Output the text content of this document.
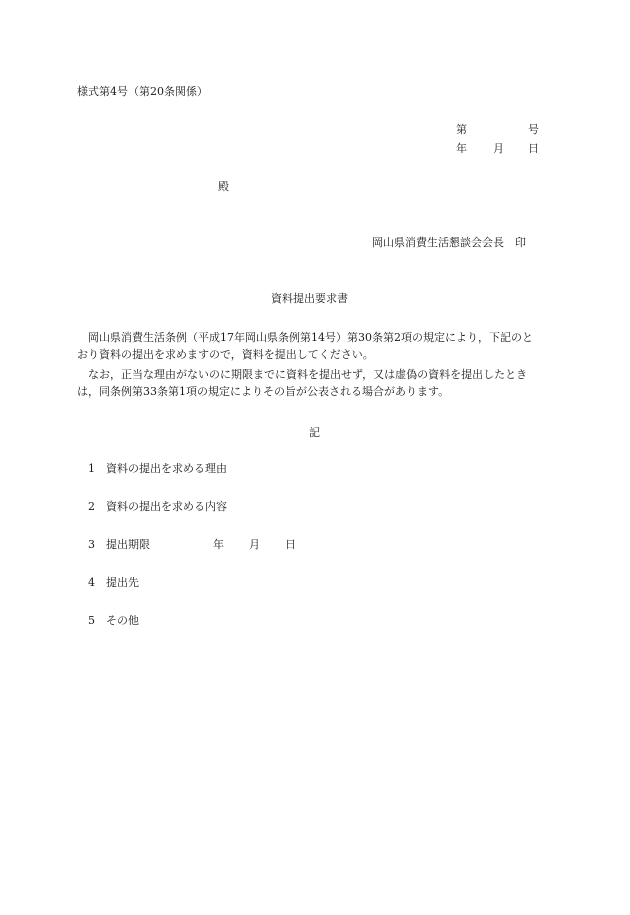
様式第4号（第20条関係）
第	号
年 月 日
殿
岡山県消費生活懇談会会長　印
資料提出要求書
岡山県消費生活条例（平成17年岡山県条例第14号）第30条第2項の規定により，下記のとおり資料の提出を求めますので，資料を提出してください。
なお，正当な理由がないのに期限までに資料を提出せず，又は虚偽の資料を提出したときは，同条例第33条第1項の規定によりその旨が公表される場合があります。
記
1 資料の提出を求める理由
2 資料の提出を求める内容
3 提出期限	年 月 日
4 提出先
5 その他
